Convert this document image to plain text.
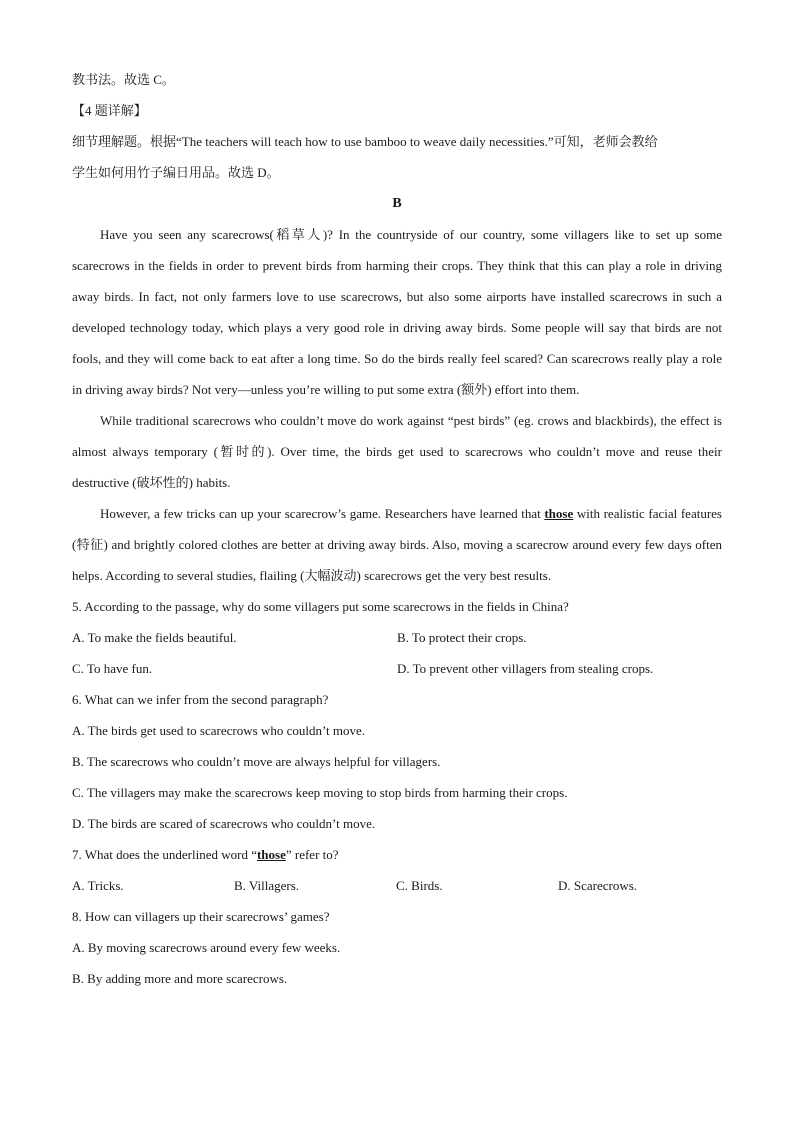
教书法。故选 C。

【4 题详解】

细节理解题。根据“The teachers will teach how to use bamboo to weave daily necessities.”可知，老师会教给

学生如何用竹子编日用品。故选 D。

B

Have you seen any scarecrows(稻草人)? In the countryside of our country, some villagers like to set up some scarecrows in the fields in order to prevent birds from harming their crops. They think that this can play a role in driving away birds. In fact, not only farmers love to use scarecrows, but also some airports have installed scarecrows in such a developed technology today, which plays a very good role in driving away birds. Some people will say that birds are not fools, and they will come back to eat after a long time. So do the birds really feel scared? Can scarecrows really play a role in driving away birds? Not very—unless you’re willing to put some extra (额外) effort into them.

While traditional scarecrows who couldn’t move do work against “pest birds” (eg. crows and blackbirds), the effect is almost always temporary (暂时的). Over time, the birds get used to scarecrows who couldn’t move and reuse their destructive (破坏性的) habits.

However, a few tricks can up your scarecrow’s game. Researchers have learned that those with realistic facial features (特征) and brightly colored clothes are better at driving away birds. Also, moving a scarecrow around every few days often helps. According to several studies, flailing (大幅波动) scarecrows get the very best results.

5. According to the passage, why do some villagers put some scarecrows in the fields in China?

A. To make the fields beautiful.	B. To protect their crops.
C. To have fun.	D. To prevent other villagers from stealing crops.

6. What can we infer from the second paragraph?

A. The birds get used to scarecrows who couldn’t move.

B. The scarecrows who couldn’t move are always helpful for villagers.

C. The villagers may make the scarecrows keep moving to stop birds from harming their crops.

D. The birds are scared of scarecrows who couldn’t move.

7. What does the underlined word “those” refer to?

A. Tricks.	B. Villagers.	C. Birds.	D. Scarecrows.

8. How can villagers up their scarecrows’ games?

A. By moving scarecrows around every few weeks.

B. By adding more and more scarecrows.
